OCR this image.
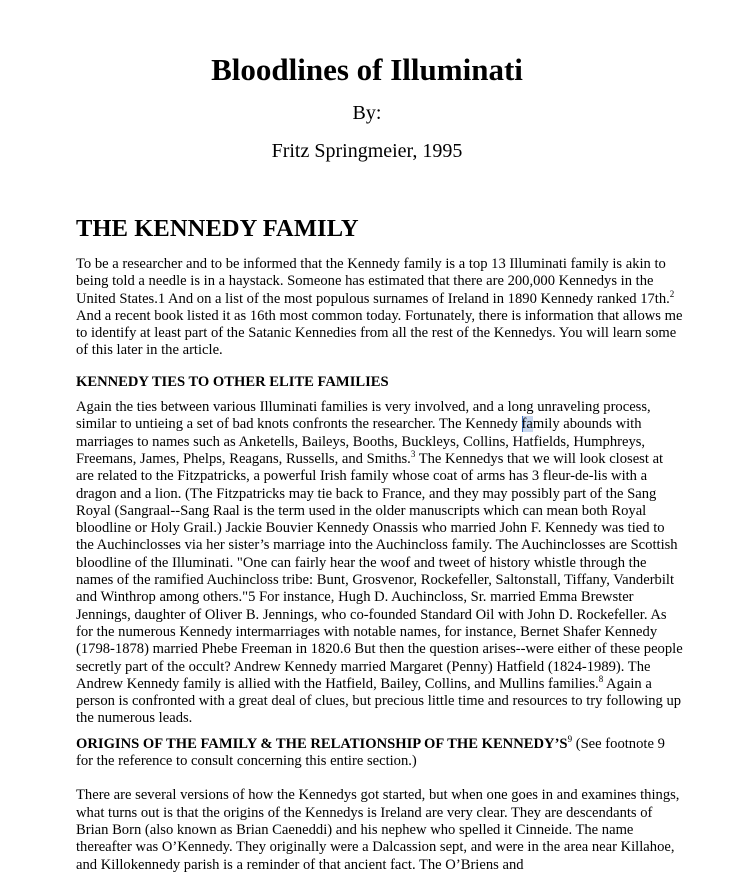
Bloodlines of Illuminati
By:
Fritz Springmeier, 1995
THE KENNEDY FAMILY

To be a researcher and to be informed that the Kennedy family is a top 13 Illuminati family is akin to being told a needle is in a haystack. Someone has estimated that there are 200,000 Kennedys in the United States.1 And on a list of the most populous surnames of Ireland in 1890 Kennedy ranked 17th.$^2$ And a recent book listed it as 16th most common today. Fortunately, there is information that allows me to identify at least part of the Satanic Kennedies from all the rest of the Kennedys. You will learn some of this later in the article.

KENNEDY TIES TO OTHER ELITE FAMILIES

Again the ties between various Illuminati families is very involved, and a long unraveling process, similar to untieing a set of bad knots confronts the researcher. The Kennedy family abounds with marriages to names such as Anketells, Baileys, Booths, Buckleys, Collins, Hatfields, Humphreys, Freemans, James, Phelps, Reagans, Russells, and Smiths.$^3$ The Kennedys that we will look closest at are related to the Fitzpatricks, a powerful Irish family whose coat of arms has 3 fleur-de-lis with a dragon and a lion. (The Fitzpatricks may tie back to France, and they may possibly part of the Sang Royal (Sangraal--Sang Raal is the term used in the older manuscripts which can mean both Royal bloodline or Holy Grail.) Jackie Bouvier Kennedy Onassis who married John F. Kennedy was tied to the Auchinclosses via her sister’s marriage into the Auchincloss family. The Auchinclosses are Scottish bloodline of the Illuminati. "One can fairly hear the woof and tweet of history whistle through the names of the ramified Auchincloss tribe: Bunt, Grosvenor, Rockefeller, Saltonstall, Tiffany, Vanderbilt and Winthrop among others."5 For instance, Hugh D. Auchincloss, Sr. married Emma Brewster Jennings, daughter of Oliver B. Jennings, who co-founded Standard Oil with John D. Rockefeller. As for the numerous Kennedy intermarriages with notable names, for instance, Bernet Shafer Kennedy (1798-1878) married Phebe Freeman in 1820.6 But then the question arises--were either of these people secretly part of the occult? Andrew Kennedy married Margaret (Penny) Hatfield (1824-1989). The Andrew Kennedy family is allied with the Hatfield, Bailey, Collins, and Mullins families.$^8$ Again a person is confronted with a great deal of clues, but precious little time and resources to try following up the numerous leads.

ORIGINS OF THE FAMILY & THE RELATIONSHIP OF THE $KENNEDY’S^9$ (See footnote 9 for the reference to consult concerning this entire section.)

There are several versions of how the Kennedys got started, but when one goes in and examines things, what turns out is that the origins of the Kennedys is Ireland are very clear. They are descendants of Brian Born (also known as Brian Caeneddi) and his nephew who spelled it Cinneide. The name thereafter was O’Kennedy. They originally were a Dalcassion sept, and were in the area near Killahoe, and Killokennedy parish is a reminder of that ancient fact. The O’Briens and
